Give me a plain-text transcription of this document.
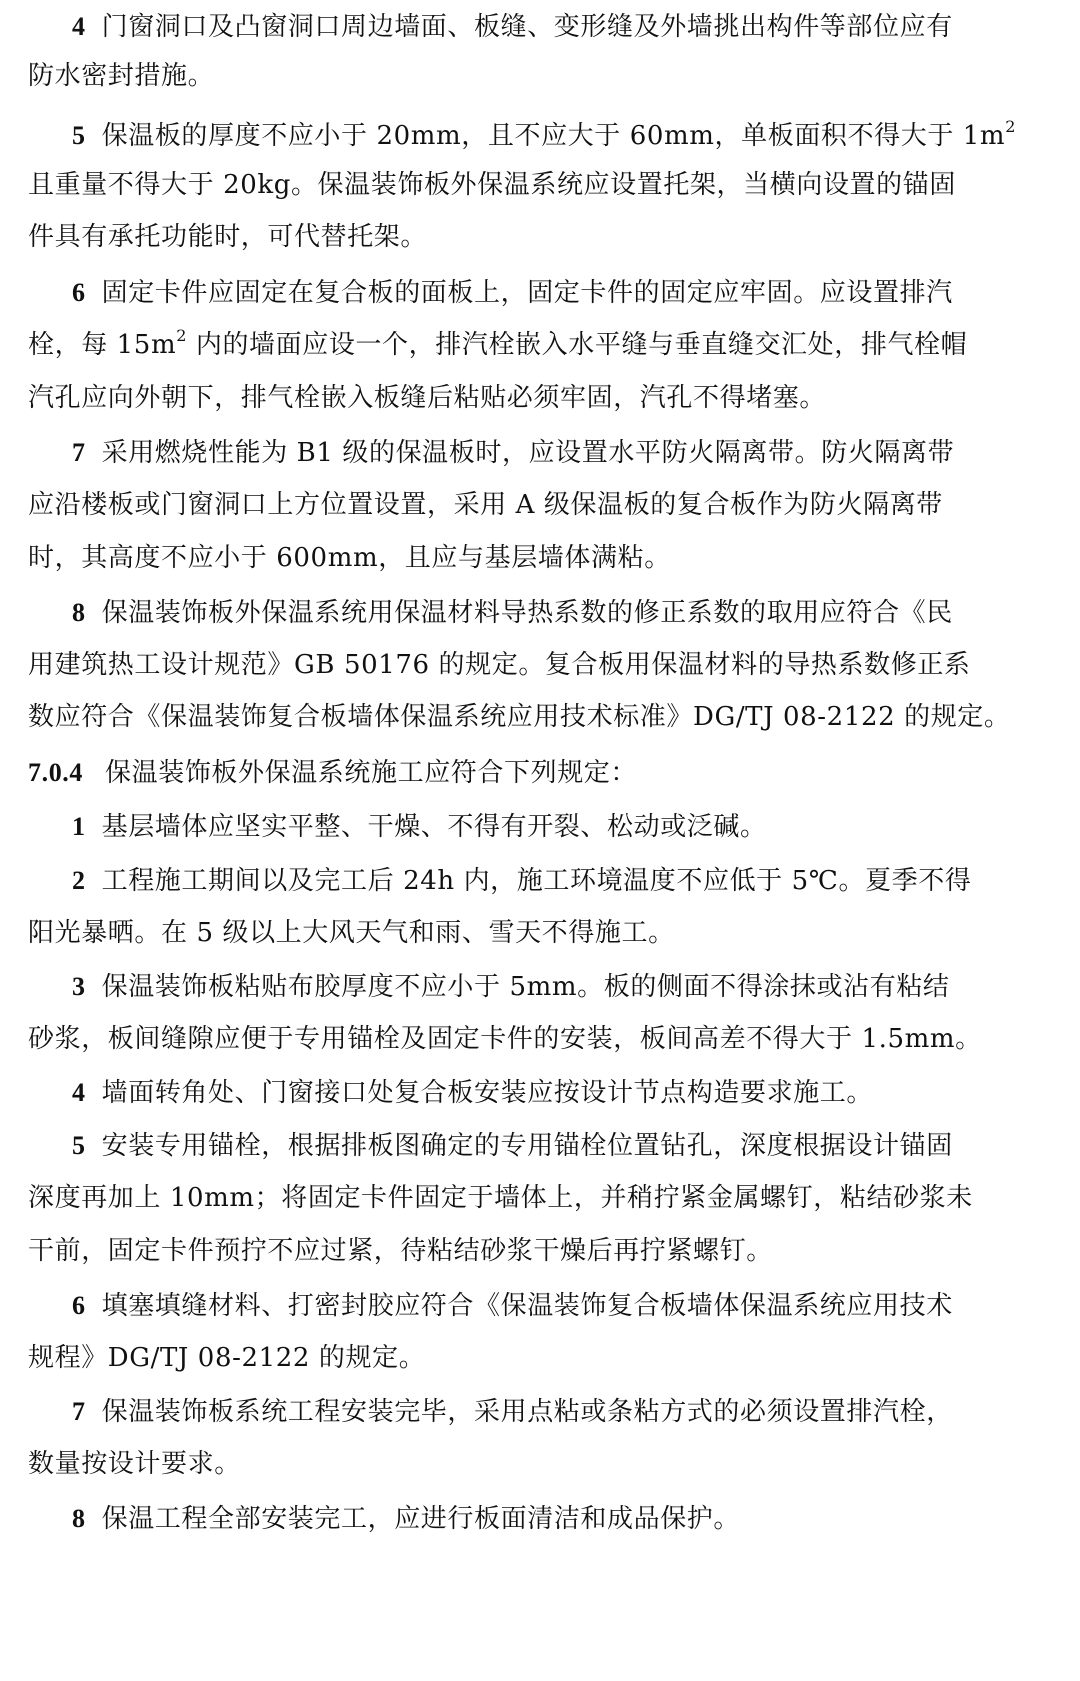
4 门窗洞口及凸窗洞口周边墙面、板缝、变形缝及外墙挑出构件等部位应有
防水密封措施。
5 保温板的厚度不应小于 20mm，且不应大于 60mm，单板面积不得大于 $1m^2$
且重量不得大于 20kg。保温装饰板外保温系统应设置托架，当横向设置的锚固
件具有承托功能时，可代替托架。
6 固定卡件应固定在复合板的面板上，固定卡件的固定应牢固。应设置排汽
栓，每 $15m^2$ 内的墙面应设一个，排汽栓嵌入水平缝与垂直缝交汇处，排气栓帽
汽孔应向外朝下，排气栓嵌入板缝后粘贴必须牢固，汽孔不得堵塞。
7 采用燃烧性能为 B1 级的保温板时，应设置水平防火隔离带。防火隔离带
应沿楼板或门窗洞口上方位置设置，采用 A 级保温板的复合板作为防火隔离带
时，其高度不应小于 600mm，且应与基层墙体满粘。
8 保温装饰板外保温系统用保温材料导热系数的修正系数的取用应符合《民
用建筑热工设计规范》GB 50176 的规定。复合板用保温材料的导热系数修正系
数应符合《保温装饰复合板墙体保温系统应用技术标准》DG/TJ 08-2122 的规定。
7.0.4 保温装饰板外保温系统施工应符合下列规定：
1 基层墙体应坚实平整、干燥、不得有开裂、松动或泛碱。
2 工程施工期间以及完工后 24h 内，施工环境温度不应低于 5℃。夏季不得
阳光暴晒。在 5 级以上大风天气和雨、雪天不得施工。
3 保温装饰板粘贴布胶厚度不应小于 5mm。板的侧面不得涂抹或沾有粘结
砂浆，板间缝隙应便于专用锚栓及固定卡件的安装，板间高差不得大于 1.5mm。
4 墙面转角处、门窗接口处复合板安装应按设计节点构造要求施工。
5 安装专用锚栓，根据排板图确定的专用锚栓位置钻孔，深度根据设计锚固
深度再加上 10mm；将固定卡件固定于墙体上，并稍拧紧金属螺钉，粘结砂浆未
干前，固定卡件预拧不应过紧，待粘结砂浆干燥后再拧紧螺钉。
6 填塞填缝材料、打密封胶应符合《保温装饰复合板墙体保温系统应用技术
规程》DG/TJ 08-2122 的规定。
7 保温装饰板系统工程安装完毕，采用点粘或条粘方式的必须设置排汽栓，
数量按设计要求。
8 保温工程全部安装完工，应进行板面清洁和成品保护。
